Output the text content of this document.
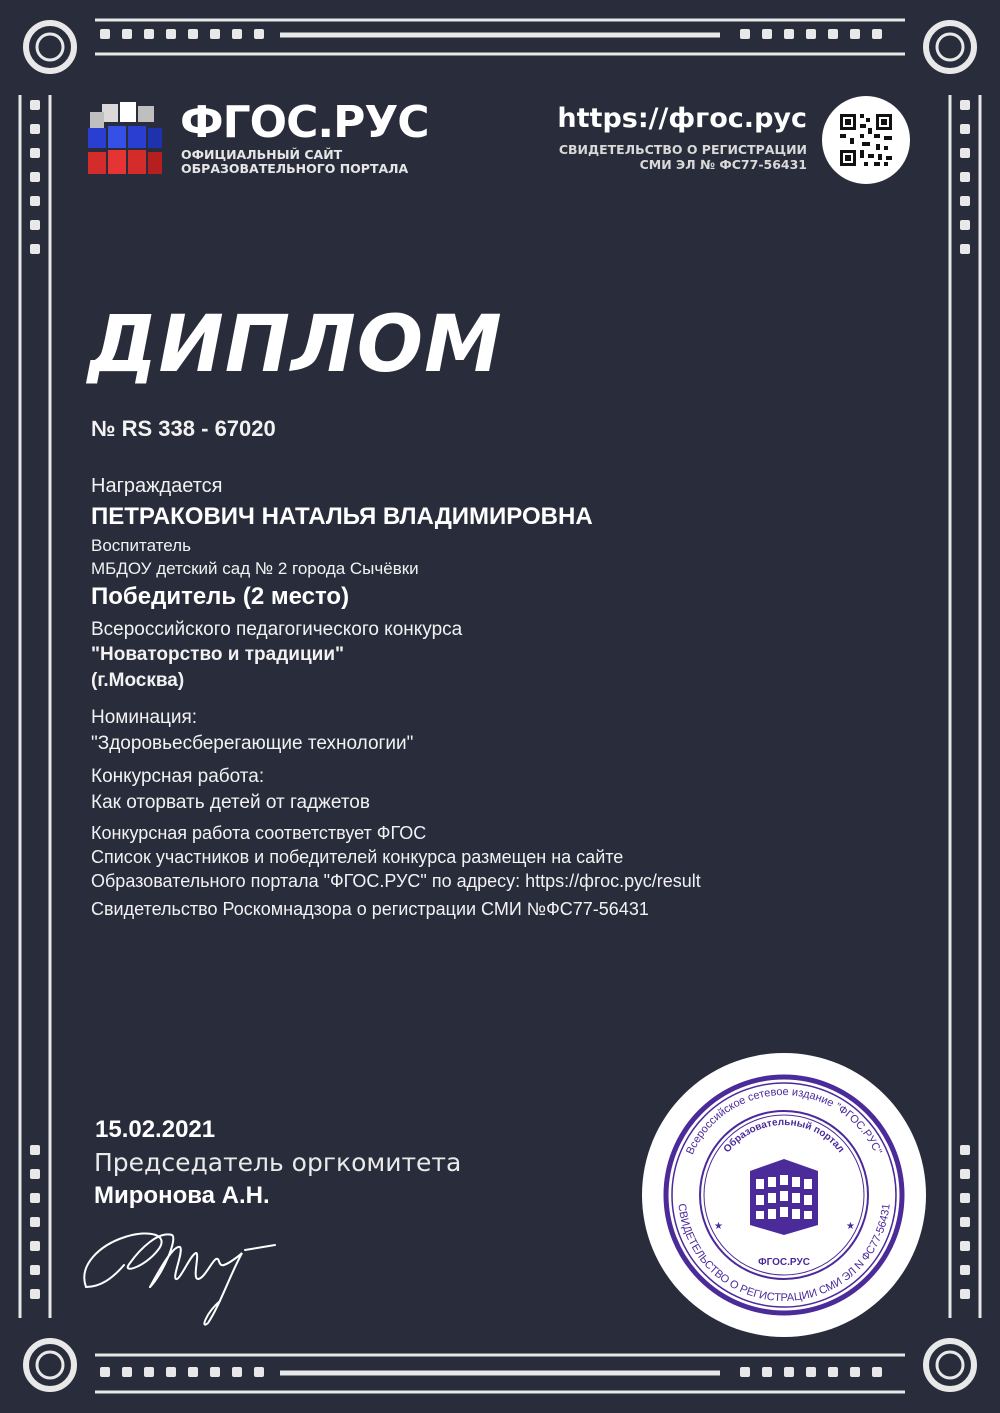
ФГОС.РУС
ОФИЦИАЛЬНЫЙ САЙТ
ОБРАЗОВАТЕЛЬНОГО ПОРТАЛА
https://фгос.рус
СВИДЕТЕЛЬСТВО О РЕГИСТРАЦИИ
СМИ ЭЛ № ФС77-56431
ДИПЛОМ
№ RS 338 - 67020
Награждается
ПЕТРАКОВИЧ НАТАЛЬЯ ВЛАДИМИРОВНА
Воспитатель
МБДОУ детский сад № 2 города Сычёвки
Победитель (2 место)
Всероссийского педагогического конкурса
"Новаторство и традиции"
(г.Москва)
Номинация:
"Здоровьесберегающие технологии"
Конкурсная работа:
Как оторвать детей от гаджетов
Конкурсная работа соответствует ФГОС
Список участников и победителей конкурса размещен на сайте
Образовательного портала "ФГОС.РУС" по адресу: https://фгос.рус/result
Свидетельство Роскомнадзора о регистрации СМИ №ФС77-56431
15.02.2021
Председатель оргкомитета
Миронова А.Н.
Всероссийское сетевое издание "ФГОС.РУС"
СВИДЕТЕЛЬСТВО О РЕГИСТРАЦИИ СМИ ЭЛ N ФС77-56431
Образовательный портал
ФГОС.РУС
★	★
